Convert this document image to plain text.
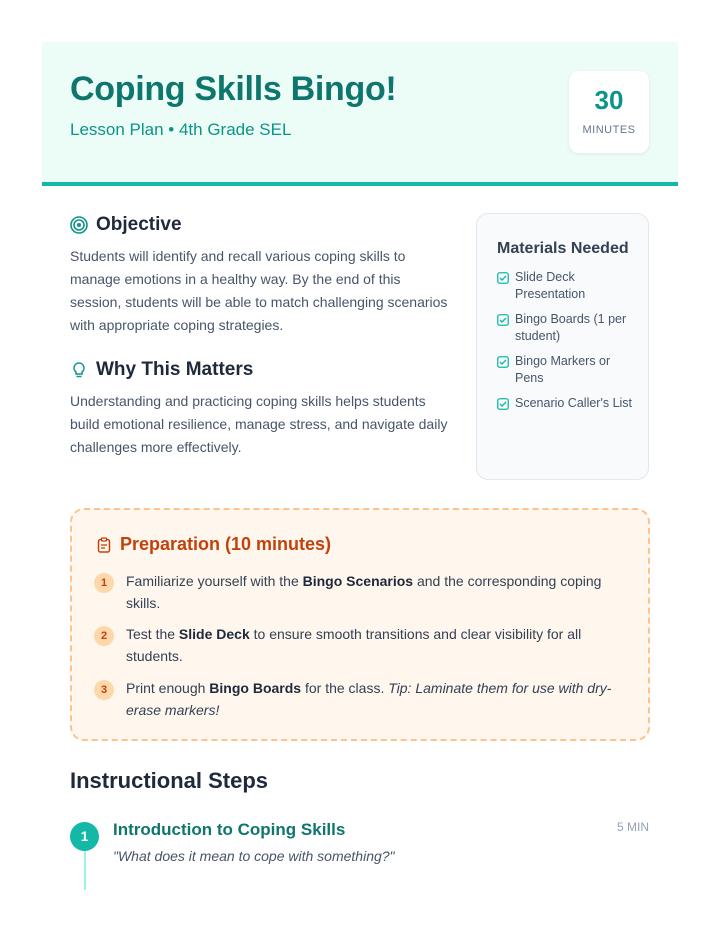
Coping Skills Bingo!
Lesson Plan • 4th Grade SEL
30
MINUTES
Objective
Students will identify and recall various coping skills to manage emotions in a healthy way. By the end of this session, students will be able to match challenging scenarios with appropriate coping strategies.
Why This Matters
Understanding and practicing coping skills helps students build emotional resilience, manage stress, and navigate daily challenges more effectively.
Materials Needed
Slide Deck Presentation
Bingo Boards (1 per student)
Bingo Markers or Pens
Scenario Caller's List
Preparation (10 minutes)
1	Familiarize yourself with the Bingo Scenarios and the corresponding coping skills.
2	Test the Slide Deck to ensure smooth transitions and clear visibility for all students.
3	Print enough Bingo Boards for the class. Tip: Laminate them for use with dry-erase markers!
Instructional Steps
1	Introduction to Coping Skills	5 MIN
"What does it mean to cope with something?"
